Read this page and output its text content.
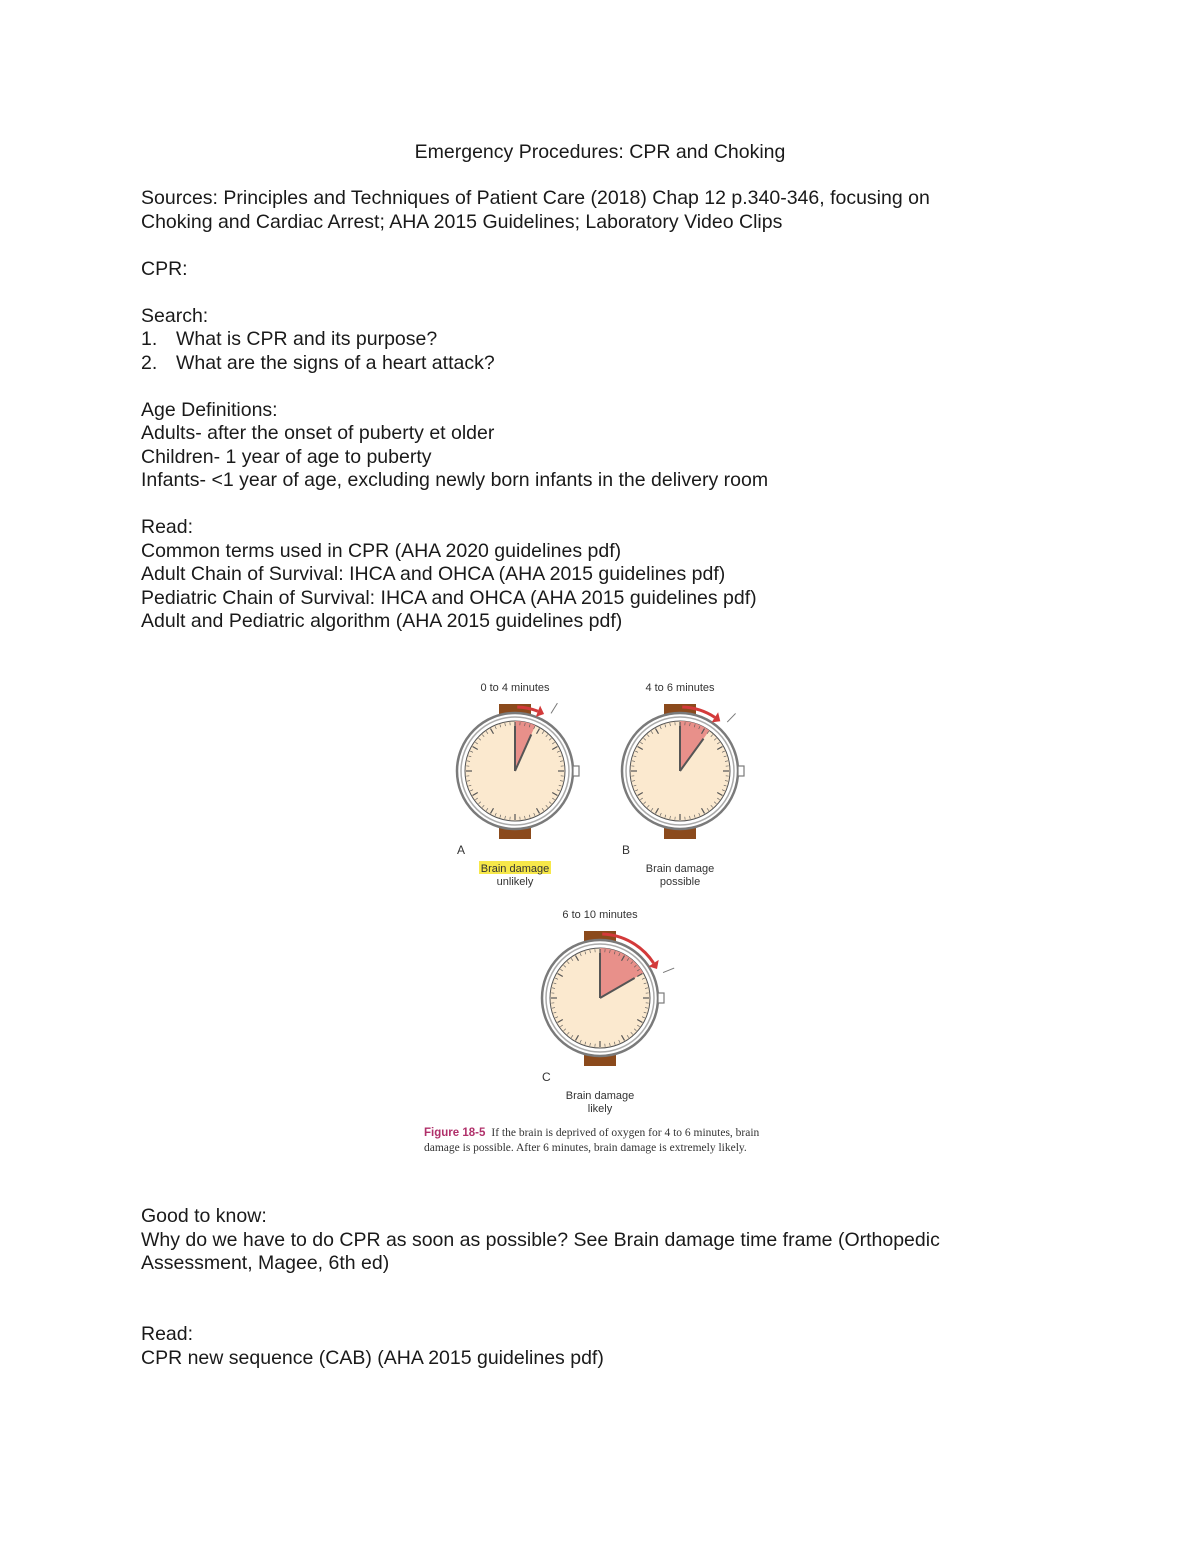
Emergency Procedures: CPR and Choking

Sources: Principles and Techniques of Patient Care (2018) Chap 12 p.340-346, focusing on

Choking and Cardiac Arrest; AHA 2015 Guidelines; Laboratory Video Clips

CPR:

Search:

1. What is CPR and its purpose?
2. What are the signs of a heart attack?

Age Definitions:

Adults- after the onset of puberty et older

Children- 1 year of age to puberty

Infants- <1 year of age, excluding newly born infants in the delivery room

Read:

Common terms used in CPR (AHA 2020 guidelines pdf)

Adult Chain of Survival: IHCA and OHCA (AHA 2015 guidelines pdf)

Pediatric Chain of Survival: IHCA and OHCA (AHA 2015 guidelines pdf)

Adult and Pediatric algorithm (AHA 2015 guidelines pdf)

0 to 4 minutes
A
Brain damage
unlikely
4 to 6 minutes
B
Brain damage
possible
6 to 10 minutes
C
Brain damage
likely
Figure 18-5 If the brain is deprived of oxygen for 4 to 6 minutes, brain
damage is possible. After 6 minutes, brain damage is extremely likely.

Good to know:

Why do we have to do CPR as soon as possible? See Brain damage time frame (Orthopedic

Assessment, Magee, 6th ed)

Read:

CPR new sequence (CAB) (AHA 2015 guidelines pdf)
